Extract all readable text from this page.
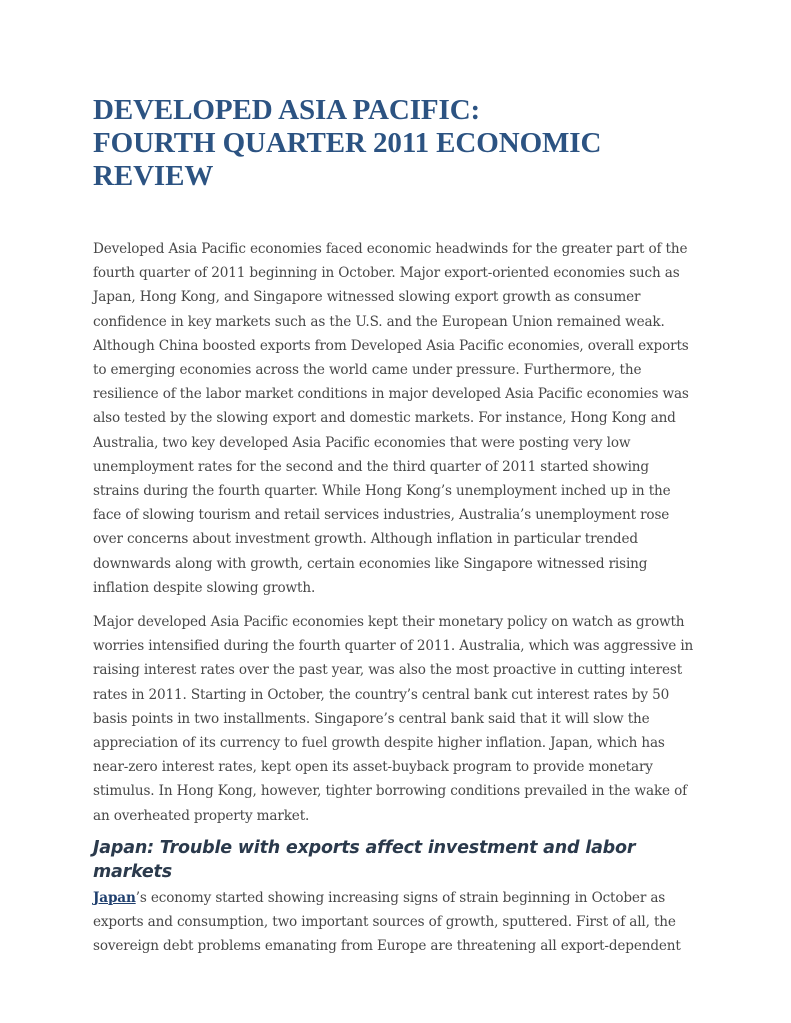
DEVELOPED ASIA PACIFIC:
FOURTH QUARTER 2011 ECONOMIC
REVIEW

Developed Asia Pacific economies faced economic headwinds for the greater part of the fourth quarter of 2011 beginning in October. Major export-oriented economies such as Japan, Hong Kong, and Singapore witnessed slowing export growth as consumer confidence in key markets such as the U.S. and the European Union remained weak. Although China boosted exports from Developed Asia Pacific economies, overall exports to emerging economies across the world came under pressure. Furthermore, the resilience of the labor market conditions in major developed Asia Pacific economies was also tested by the slowing export and domestic markets. For instance, Hong Kong and Australia, two key developed Asia Pacific economies that were posting very low unemployment rates for the second and the third quarter of 2011 started showing strains during the fourth quarter. While Hong Kong’s unemployment inched up in the face of slowing tourism and retail services industries, Australia’s unemployment rose over concerns about investment growth. Although inflation in particular trended downwards along with growth, certain economies like Singapore witnessed rising inflation despite slowing growth.

Major developed Asia Pacific economies kept their monetary policy on watch as growth worries intensified during the fourth quarter of 2011. Australia, which was aggressive in raising interest rates over the past year, was also the most proactive in cutting interest rates in 2011. Starting in October, the country’s central bank cut interest rates by 50 basis points in two installments. Singapore’s central bank said that it will slow the appreciation of its currency to fuel growth despite higher inflation. Japan, which has near-zero interest rates, kept open its asset-buyback program to provide monetary stimulus. In Hong Kong, however, tighter borrowing conditions prevailed in the wake of an overheated property market.

Japan: Trouble with exports affect investment and labor markets

Japan’s economy started showing increasing signs of strain beginning in October as exports and consumption, two important sources of growth, sputtered. First of all, the sovereign debt problems emanating from Europe are threatening all export-dependent
